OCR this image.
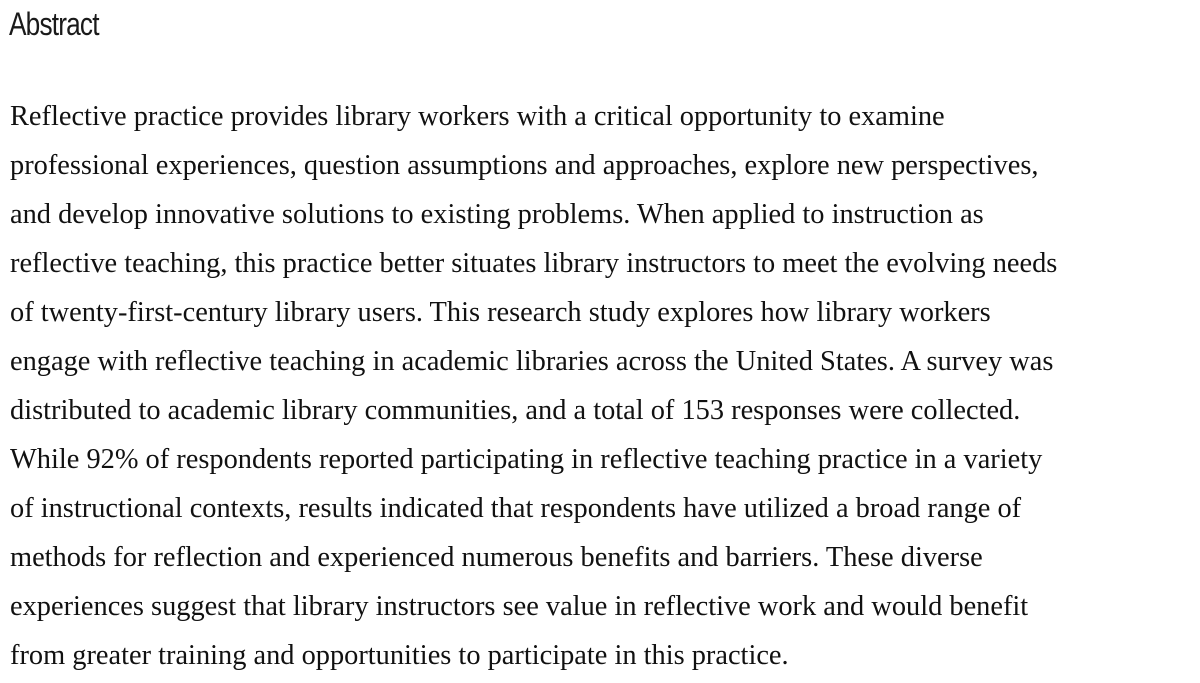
Abstract
Reflective practice provides library workers with a critical opportunity to examine
professional experiences, question assumptions and approaches, explore new perspectives,
and develop innovative solutions to existing problems. When applied to instruction as
reflective teaching, this practice better situates library instructors to meet the evolving needs
of twenty-first-century library users. This research study explores how library workers
engage with reflective teaching in academic libraries across the United States. A survey was
distributed to academic library communities, and a total of 153 responses were collected.
While 92% of respondents reported participating in reflective teaching practice in a variety
of instructional contexts, results indicated that respondents have utilized a broad range of
methods for reflection and experienced numerous benefits and barriers. These diverse
experiences suggest that library instructors see value in reflective work and would benefit
from greater training and opportunities to participate in this practice.
